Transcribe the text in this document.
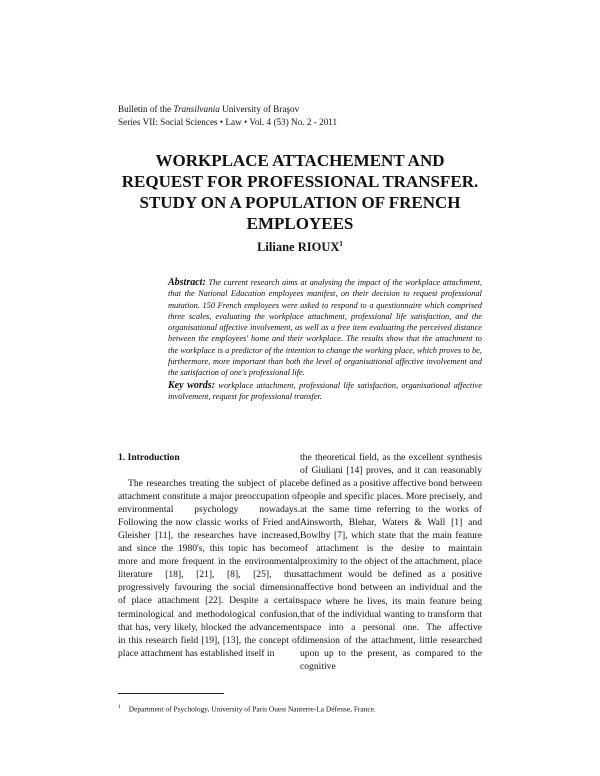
Bulletin of the Transilvania University of Braşov
Series VII: Social Sciences • Law • Vol. 4 (53) No. 2 - 2011
WORKPLACE ATTACHEMENT AND REQUEST FOR PROFESSIONAL TRANSFER. STUDY ON A POPULATION OF FRENCH EMPLOYEES
Liliane RIOUX$^1$
Abstract: The current research aims at analysing the impact of the workplace attachment, that the National Education employees manifest, on their decision to request professional mutation. 150 French employees were asked to respond to a questionnaire which comprised three scales, evaluating the workplace attachment, professional life satisfaction, and the organisational affective involvement, as well as a free item evaluating the perceived distance between the employees' home and their workplace. The results show that the attachment to the workplace is a predictor of the intention to change the working place, which proves to be, furthermore, more important than both the level of organisational affective involvement and the satisfaction of one's professional life.
Key words: workplace attachment, professional life satisfaction, organisational affective involvement, request for professional transfer.
1. Introduction
The researches treating the subject of place attachment constitute a major preoccupation of environmental psychology nowadays. Following the now classic works of Fried and Gleisher [11], the researches have increased, and since the 1980's, this topic has become more and more frequent in the environmental literature [18], [21], [8], [25], thus progressively favouring the social dimension of place attachment [22]. Despite a certain terminological and methodological confusion, that has, very likely, blocked the advancement in this research field [19], [13], the concept of place attachment has established itself in
the theoretical field, as the excellent synthesis of Giuliani [14] proves, and it can reasonably be defined as a positive affective bond between people and specific places. More precisely, and at the same time referring to the works of Ainsworth, Blehar, Waters & Wall [1] and Bowlby [7], which state that the main feature of attachment is the desire to maintain proximity to the object of the attachment, place attachment would be defined as a positive affective bond between an individual and the space where he lives, its main feature being that of the individual wanting to transform that space into a personal one. The affective dimension of the attachment, little researched upon up to the present, as compared to the cognitive
$^1$ Department of Psychology, University of Paris Ouest Nanterre-La Défense, France.
